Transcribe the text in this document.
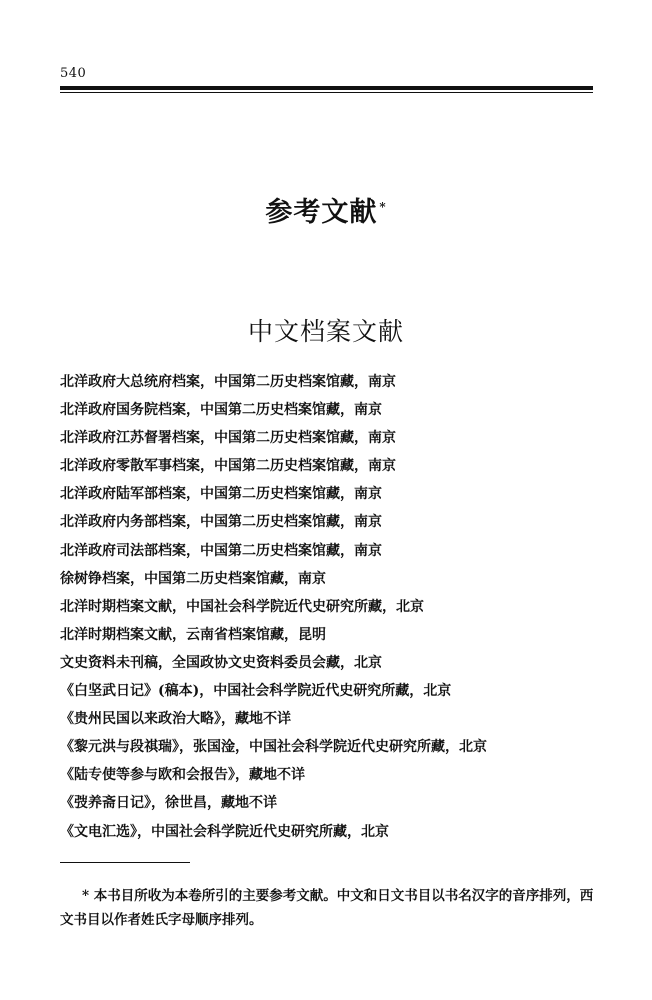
540
参考文献 *
中文档案文献
北洋政府大总统府档案，中国第二历史档案馆藏，南京
北洋政府国务院档案，中国第二历史档案馆藏，南京
北洋政府江苏督署档案，中国第二历史档案馆藏，南京
北洋政府零散军事档案，中国第二历史档案馆藏，南京
北洋政府陆军部档案，中国第二历史档案馆藏，南京
北洋政府内务部档案，中国第二历史档案馆藏，南京
北洋政府司法部档案，中国第二历史档案馆藏，南京
徐树铮档案，中国第二历史档案馆藏，南京
北洋时期档案文献，中国社会科学院近代史研究所藏，北京
北洋时期档案文献，云南省档案馆藏，昆明
文史资料未刊稿，全国政协文史资料委员会藏，北京
《白坚武日记》(稿本)，中国社会科学院近代史研究所藏，北京
《贵州民国以来政治大略》，藏地不详
《黎元洪与段祺瑞》，张国淦，中国社会科学院近代史研究所藏，北京
《陆专使等参与欧和会报告》，藏地不详
《弢养斋日记》，徐世昌，藏地不详
《文电汇选》，中国社会科学院近代史研究所藏，北京
* 本书目所收为本卷所引的主要参考文献。中文和日文书目以书名汉字的音序排列，西文书目以作者姓氏字母顺序排列。
